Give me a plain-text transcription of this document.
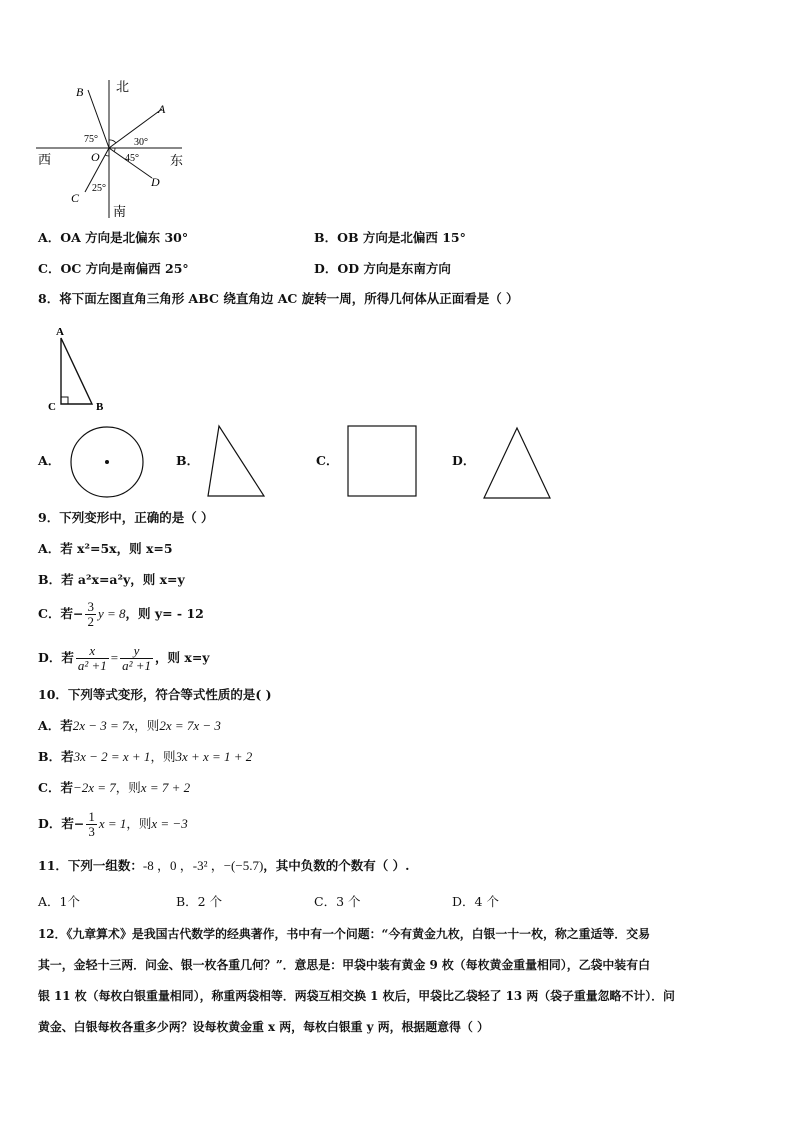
北
南
西	东
A
B
C
D
O
75°	30°
45°
25°
A．OA 方向是北偏东 30°	B．OB 方向是北偏西 15°
C．OC 方向是南偏西 25°	D．OD 方向是东南方向
8．将下面左图直角三角形 ABC 绕直角边 AC 旋转一周，所得几何体从正面看是（ ）
A
C	B
A．	B．	C．	D．
9．下列变形中，正确的是（ ）
A．若 x²=5x，则 x=5
B．若 a²x=a²y，则 x=y
C．若− $\frac{3}{2}$ y = 8 ，则 y= - 12
D．若 $\frac{x}{\text{a² +1}} = \frac{y}{\text{a² +1}}$ ，则 x=y
10．下列等式变形，符合等式性质的是( )
A．若2x − 3 = 7x，则2x = 7x − 3
B．若3x − 2 = x + 1，则3x + x = 1 + 2
C．若−2x = 7，则x = 7 + 2
D．若− $\frac{1}{3}$ x = 1 ，则 x = −3
11．下列一组数：-8 ，0 ，-3² ，−(−5.7)，其中负数的个数有（ ）.
A．1个	B．2 个	C．3 个	D．4 个
12．《九章算术》是我国古代数学的经典著作，书中有一个问题：“今有黄金九枚，白银一十一枚，称之重适等．交易
其一，金轻十三两．问金、银一枚各重几何？”．意思是：甲袋中装有黄金 9 枚（每枚黄金重量相同），乙袋中装有白
银 11 枚（每枚白银重量相同），称重两袋相等．两袋互相交换 1 枚后，甲袋比乙袋轻了 13 两（袋子重量忽略不计）．问
黄金、白银每枚各重多少两？设每枚黄金重 x 两，每枚白银重 y 两，根据题意得（ ）
